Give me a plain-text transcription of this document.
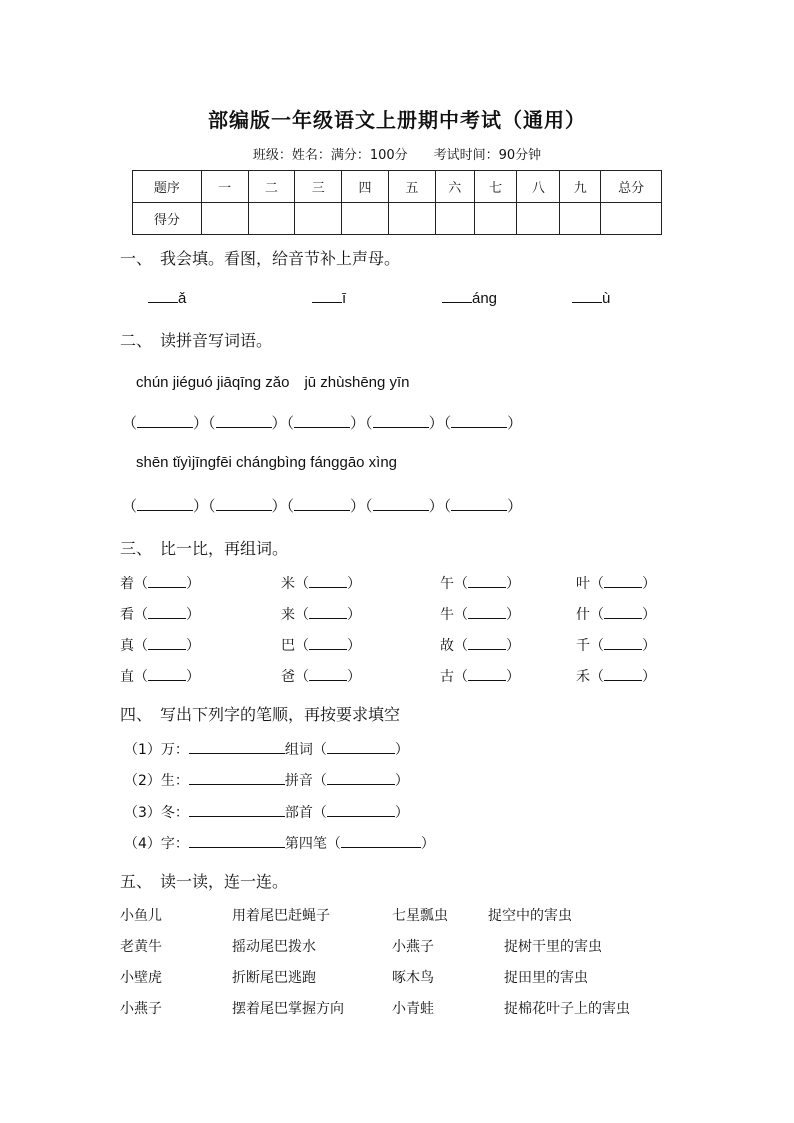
部编版一年级语文上册期中考试（通用）
班级：姓名：满分：100分　　考试时间：90分钟
题序	一	二	三	四	五	六	七	八	九	总分
得分										
一、　我会填。看图，给音节补上声母。
ǎ	ī	áng	ù
二、　读拼音写词语。
chún jiéguó jiāqīng zǎo　jū zhùshēng yīn
（	）（	）（	）（	）（	）
shēn tǐyìjīngfēi chángbìng fánggāo xìng
（	）（	）（	）（	）（	）
三、　比一比，再组词。
着（	）	米（	）	午（	）	叶（	）
看（	）	来（	）	牛（	）	什（	）
真（	）	巴（	）	故（	）	千（	）
直（	）	爸（	）	古（	）	禾（	）
四、　写出下列字的笔顺，再按要求填空
（1）万：	组词（	）
（2）生：	拼音（	）
（3）冬：	部首（	）
（4）字：	第四笔（	）
五、　读一读，连一连。
小鱼儿	用着尾巴赶蝇子	七星瓢虫	捉空中的害虫
老黄牛	摇动尾巴拨水	小燕子	捉树干里的害虫
小壁虎	折断尾巴逃跑	啄木鸟	捉田里的害虫
小燕子	摆着尾巴掌握方向	小青蛙	捉棉花叶子上的害虫
